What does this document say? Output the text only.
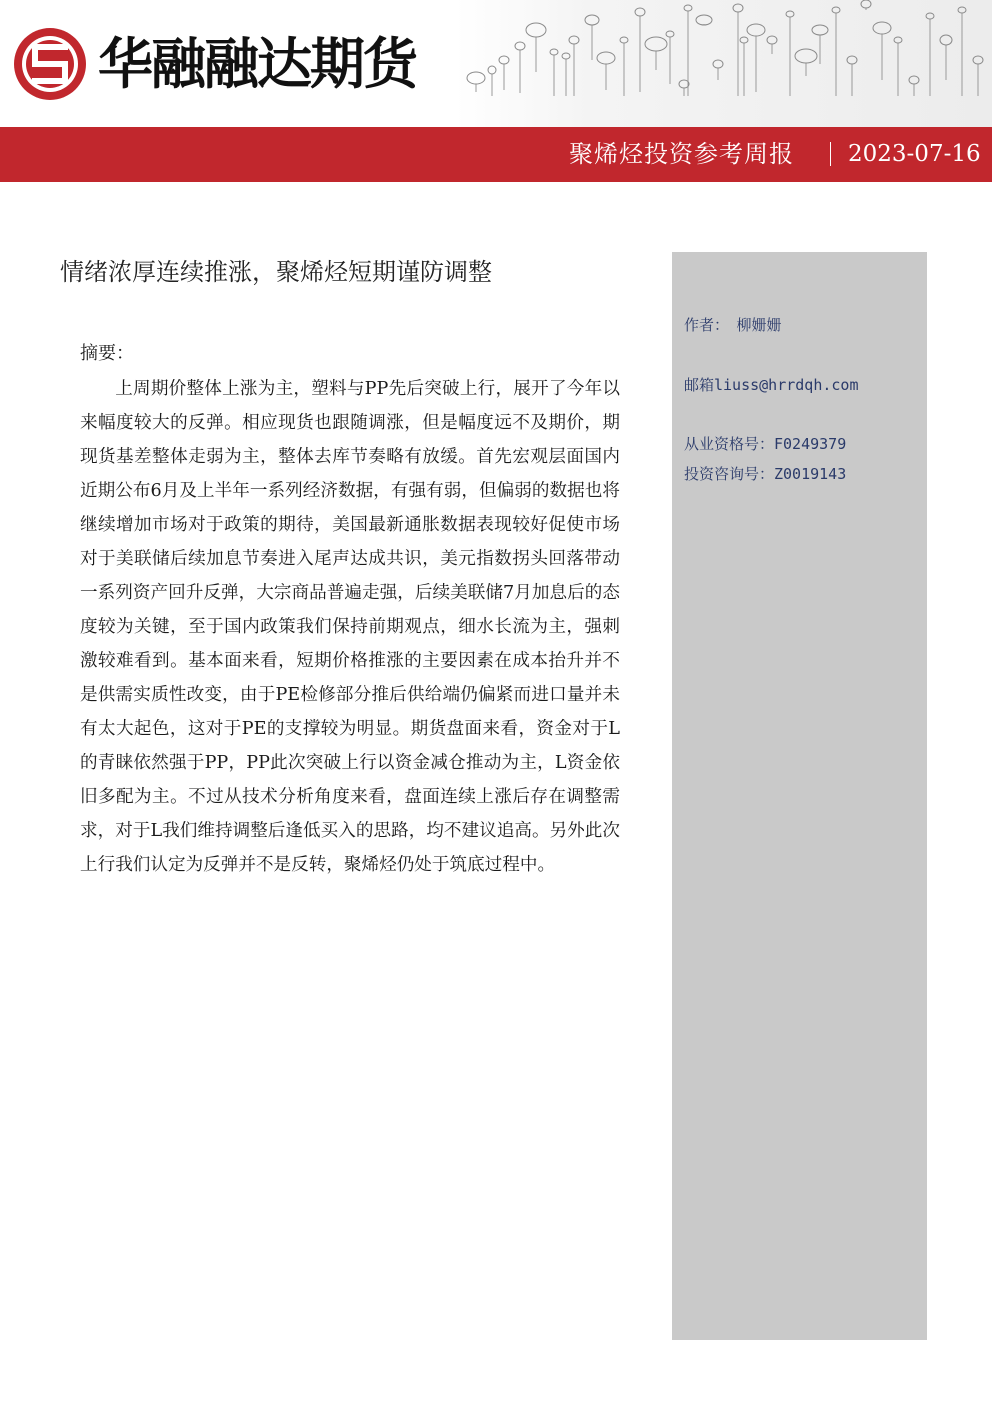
华融融达期货
聚烯烃投资参考周报 2023-07-16
情绪浓厚连续推涨，聚烯烃短期谨防调整
摘要：

上周期价整体上涨为主，塑料与PP先后突破上行，展开了今年以来幅度较大的反弹。相应现货也跟随调涨，但是幅度远不及期价，期现货基差整体走弱为主，整体去库节奏略有放缓。首先宏观层面国内近期公布6月及上半年一系列经济数据，有强有弱，但偏弱的数据也将继续增加市场对于政策的期待，美国最新通胀数据表现较好促使市场对于美联储后续加息节奏进入尾声达成共识，美元指数拐头回落带动一系列资产回升反弹，大宗商品普遍走强，后续美联储7月加息后的态度较为关键，至于国内政策我们保持前期观点，细水长流为主，强刺激较难看到。基本面来看，短期价格推涨的主要因素在成本抬升并不是供需实质性改变，由于PE检修部分推后供给端仍偏紧而进口量并未有太大起色，这对于PE的支撑较为明显。期货盘面来看，资金对于L的青睐依然强于PP，PP此次突破上行以资金减仓推动为主，L资金依旧多配为主。不过从技术分析角度来看，盘面连续上涨后存在调整需求，对于L我们维持调整后逢低买入的思路，均不建议追高。另外此次上行我们认定为反弹并不是反转，聚烯烃仍处于筑底过程中。

作者：　柳姗姗
邮箱liuss@hrrdqh.com
从业资格号：F0249379
投资咨询号：Z0019143
